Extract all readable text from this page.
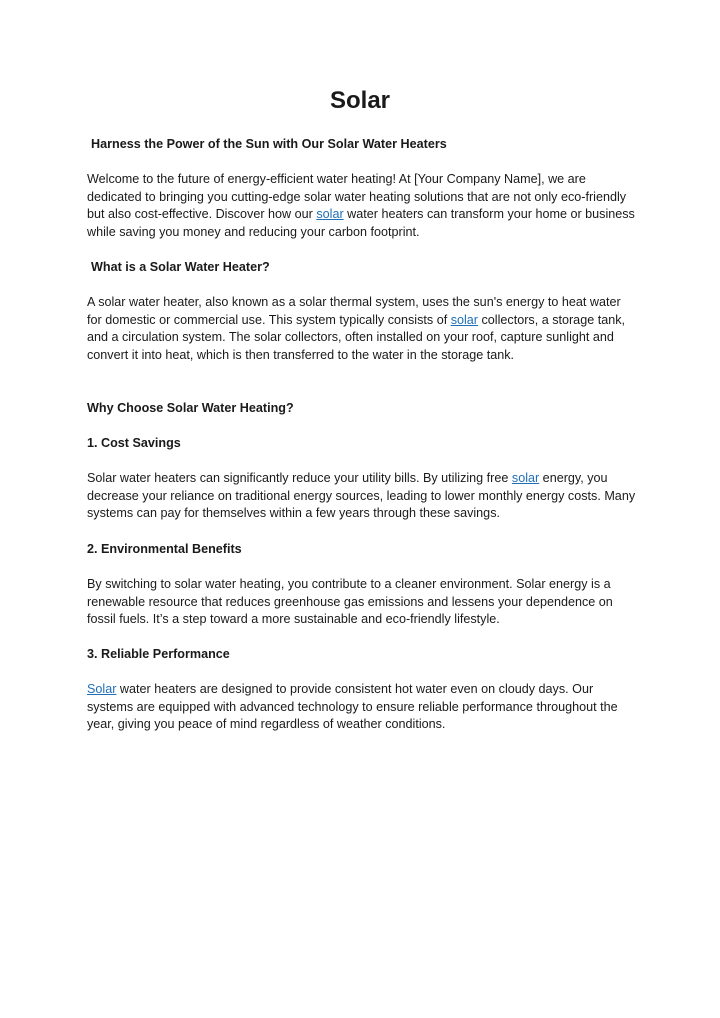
Solar

Harness the Power of the Sun with Our Solar Water Heaters

Welcome to the future of energy-efficient water heating! At [Your Company Name], we are dedicated to bringing you cutting-edge solar water heating solutions that are not only eco-friendly but also cost-effective. Discover how our solar water heaters can transform your home or business while saving you money and reducing your carbon footprint.

What is a Solar Water Heater?

A solar water heater, also known as a solar thermal system, uses the sun's energy to heat water for domestic or commercial use. This system typically consists of solar collectors, a storage tank, and a circulation system. The solar collectors, often installed on your roof, capture sunlight and convert it into heat, which is then transferred to the water in the storage tank.

Why Choose Solar Water Heating?

1. Cost Savings

Solar water heaters can significantly reduce your utility bills. By utilizing free solar energy, you decrease your reliance on traditional energy sources, leading to lower monthly energy costs. Many systems can pay for themselves within a few years through these savings.

2. Environmental Benefits

By switching to solar water heating, you contribute to a cleaner environment. Solar energy is a renewable resource that reduces greenhouse gas emissions and lessens your dependence on fossil fuels. It’s a step toward a more sustainable and eco-friendly lifestyle.

3. Reliable Performance

Solar water heaters are designed to provide consistent hot water even on cloudy days. Our systems are equipped with advanced technology to ensure reliable performance throughout the year, giving you peace of mind regardless of weather conditions.
